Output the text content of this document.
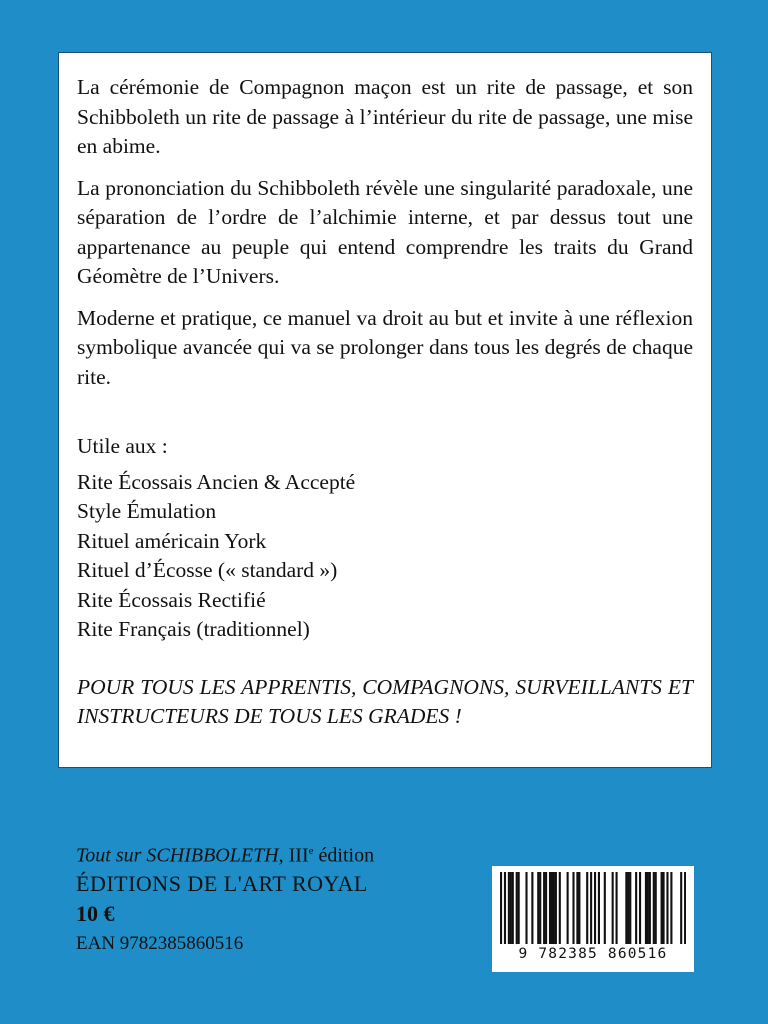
La cérémonie de Compagnon maçon est un rite de passage, et son Schibboleth un rite de passage à l’intérieur du rite de passage, une mise en abime.

La prononciation du Schibboleth révèle une singularité paradoxale, une séparation de l’ordre de l’alchimie interne, et par dessus tout une appartenance au peuple qui entend comprendre les traits du Grand Géomètre de l’Univers.

Moderne et pratique, ce manuel va droit au but et invite à une réflexion symbolique avancée qui va se prolonger dans tous les degrés de chaque rite.

Utile aux :
Rite Écossais Ancien & Accepté
Style Émulation
Rituel américain York
Rituel d’Écosse (« standard »)
Rite Écossais Rectifié
Rite Français (traditionnel)

POUR TOUS LES APPRENTIS, COMPAGNONS, SURVEILLANTS ET INSTRUCTEURS DE TOUS LES GRADES !

Tout sur SCHIBBOLETH, IIIe édition
ÉDITIONS DE L'ART ROYAL
10 €
EAN 9782385860516
9 782385 860516
